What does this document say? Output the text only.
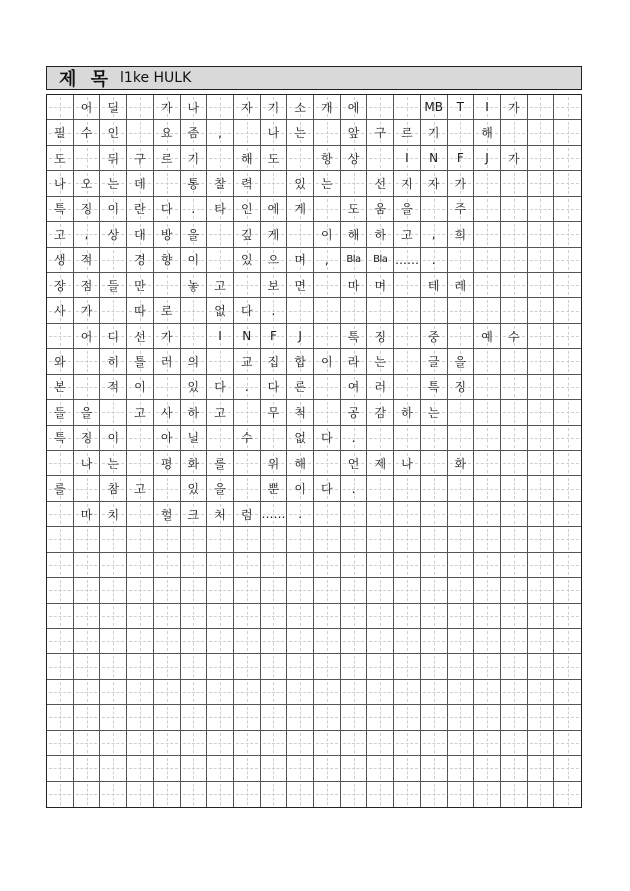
제 목 l1ke HULK
어 딜	가 나	자 기 소 개 에	MB T I 가
필 수 인	요 즘 ,	나 는	앞 구 르 기	해
도	뒤 구 르 기	해 도	항 상	I N F J 가
나 오 는 데	통 찰 력	있 는	선 지 자 가
특 징 이 란 다 . 타 인 에 게	도 움 을	주
고 , 상 대 방 을	깊 게	이 해 하 고 , 희
생 적	경 향 이	있 으 며 , Bla Bla …… .
장 점 들 만	놓 고	보 면	마 며	테 레
사 가	따 로	없 다 .
어 디 선 가	I N F J	특 징	중	예 수
와	히 틀 러 의	교 집 합 이 라 는	글 을
본	적 이	있 다 . 다 른	여 러	특 징
들 을	고 사 하 고	무 척	공 감 하 는
특 징 이	아 닐	수	없 다 .
나 는	평 화 를	위 해	언 제 나	화
를	참 고	있 을	뿐 이 다 .
마 치	헐 크 처 럼 …… .
